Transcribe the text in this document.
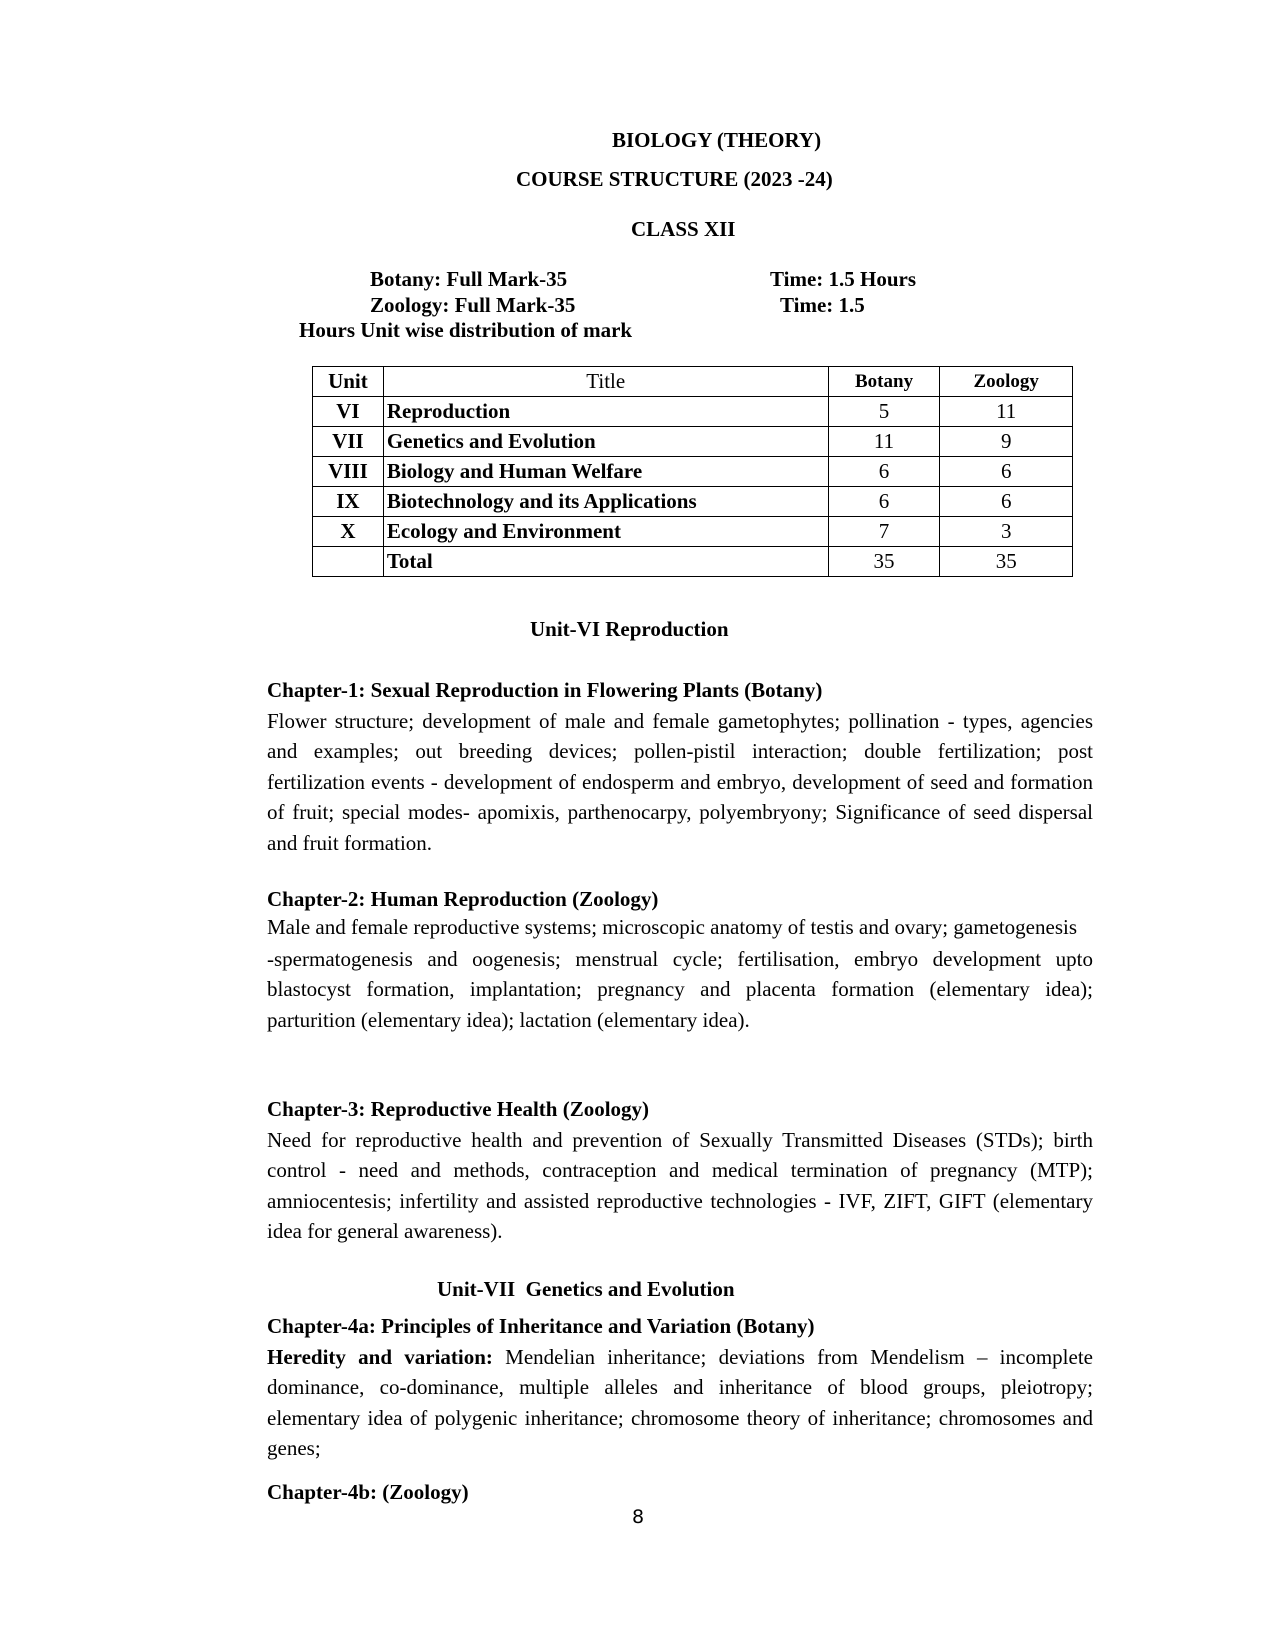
BIOLOGY (THEORY)
COURSE STRUCTURE (2023 -24)
CLASS XII
Botany: Full Mark-35	Time: 1.5 Hours
Zoology: Full Mark-35	Time: 1.5
Hours Unit wise distribution of mark
Unit	Title	Botany	Zoology
VI	Reproduction	5	11
VII	Genetics and Evolution	11	9
VIII	Biology and Human Welfare	6	6
IX	Biotechnology and its Applications	6	6
X	Ecology and Environment	7	3
	Total	35	35
Unit-VI Reproduction
Chapter-1: Sexual Reproduction in Flowering Plants (Botany)

Flower structure; development of male and female gametophytes; pollination - types, agencies and examples; out breeding devices; pollen-pistil interaction; double fertilization; post fertilization events - development of endosperm and embryo, development of seed and formation of fruit; special modes- apomixis, parthenocarpy, polyembryony; Significance of seed dispersal and fruit formation.

Chapter-2: Human Reproduction (Zoology)

Male and female reproductive systems; microscopic anatomy of testis and ovary; gametogenesis

-spermatogenesis and oogenesis; menstrual cycle; fertilisation, embryo development upto blastocyst formation, implantation; pregnancy and placenta formation (elementary idea); parturition (elementary idea); lactation (elementary idea).

Chapter-3: Reproductive Health (Zoology)

Need for reproductive health and prevention of Sexually Transmitted Diseases (STDs); birth control - need and methods, contraception and medical termination of pregnancy (MTP); amniocentesis; infertility and assisted reproductive technologies - IVF, ZIFT, GIFT (elementary idea for general awareness).

Unit-VII  Genetics and Evolution
Chapter-4a: Principles of Inheritance and Variation (Botany)

Heredity and variation: Mendelian inheritance; deviations from Mendelism – incomplete dominance, co-dominance, multiple alleles and inheritance of blood groups, pleiotropy; elementary idea of polygenic inheritance; chromosome theory of inheritance; chromosomes and genes;

Chapter-4b: (Zoology)
8
